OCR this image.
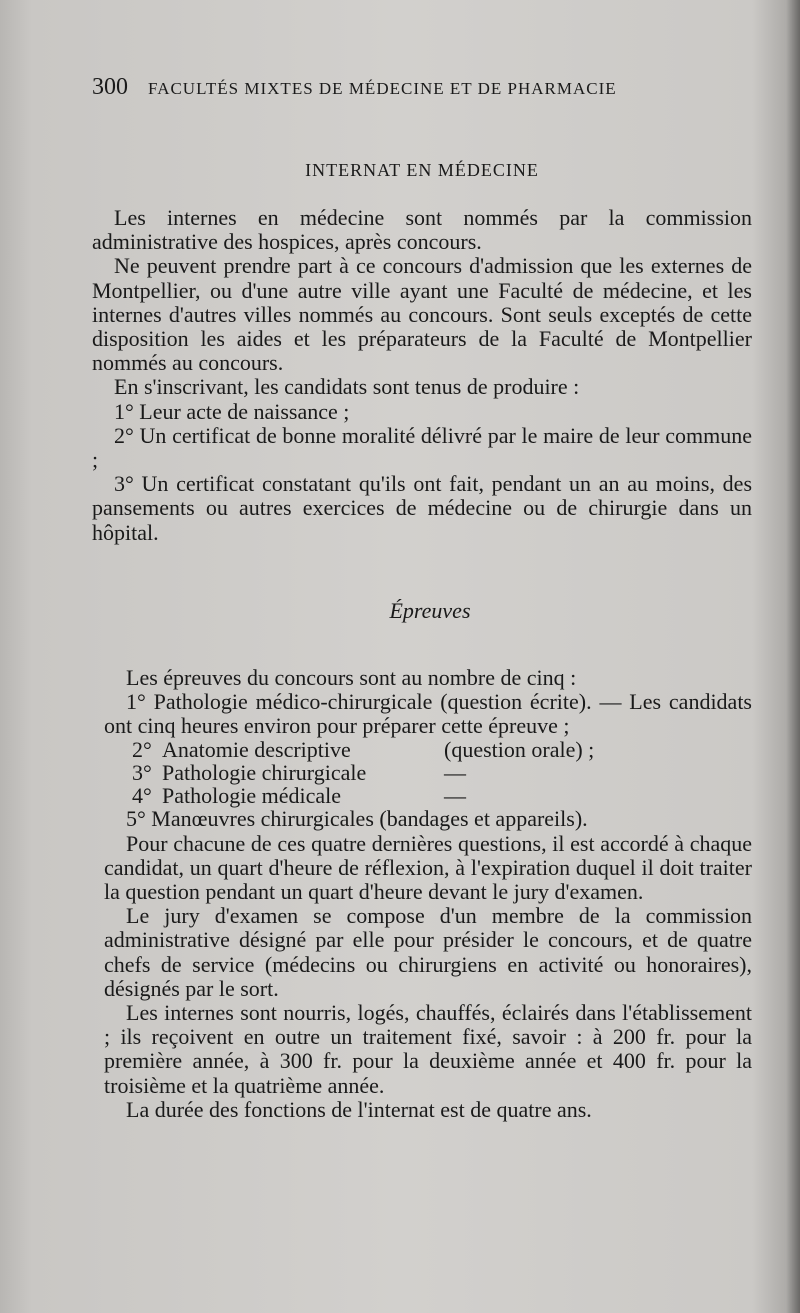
300 FACULTÉS MIXTES DE MÉDECINE ET DE PHARMACIE
INTERNAT EN MÉDECINE

Les internes en médecine sont nommés par la commission administrative des hospices, après concours.

Ne peuvent prendre part à ce concours d'admission que les externes de Montpellier, ou d'une autre ville ayant une Faculté de médecine, et les internes d'autres villes nommés au concours. Sont seuls exceptés de cette disposition les aides et les préparateurs de la Faculté de Montpellier nommés au concours.

En s'inscrivant, les candidats sont tenus de produire :

1° Leur acte de naissance ;

2° Un certificat de bonne moralité délivré par le maire de leur commune ;

3° Un certificat constatant qu'ils ont fait, pendant un an au moins, des pansements ou autres exercices de médecine ou de chirurgie dans un hôpital.

Épreuves

Les épreuves du concours sont au nombre de cinq :

1° Pathologie médico-chirurgicale (question écrite). — Les candidats ont cinq heures environ pour préparer cette épreuve ;

2° Anatomie descriptive	(question orale) ;
3° Pathologie chirurgicale	—
4° Pathologie médicale	—

5° Manœuvres chirurgicales (bandages et appareils).

Pour chacune de ces quatre dernières questions, il est accordé à chaque candidat, un quart d'heure de réflexion, à l'expiration duquel il doit traiter la question pendant un quart d'heure devant le jury d'examen.

Le jury d'examen se compose d'un membre de la commission administrative désigné par elle pour présider le concours, et de quatre chefs de service (médecins ou chirurgiens en activité ou honoraires), désignés par le sort.

Les internes sont nourris, logés, chauffés, éclairés dans l'établissement ; ils reçoivent en outre un traitement fixé, savoir : à 200 fr. pour la première année, à 300 fr. pour la deuxième année et 400 fr. pour la troisième et la quatrième année.

La durée des fonctions de l'internat est de quatre ans.
